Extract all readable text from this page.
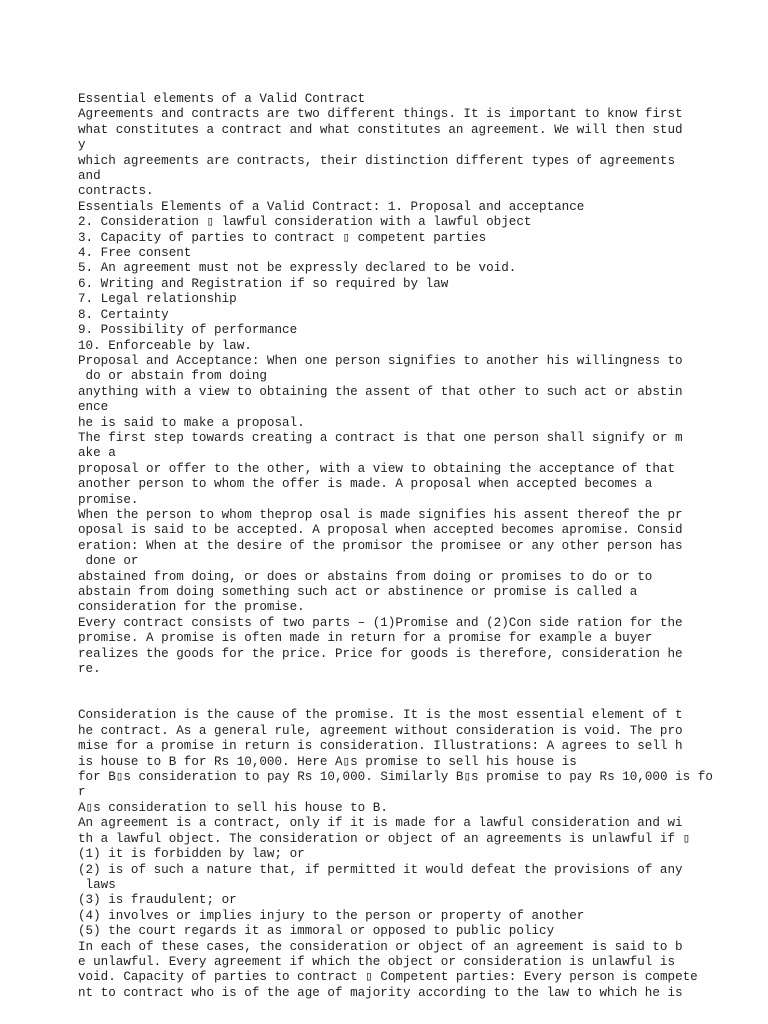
Essential elements of a Valid Contract
Agreements and contracts are two different things. It is important to know first
what constitutes a contract and what constitutes an agreement. We will then stud
y
which agreements are contracts, their distinction different types of agreements
and
contracts.
Essentials Elements of a Valid Contract: 1. Proposal and acceptance
2. Consideration ▯ lawful consideration with a lawful object
3. Capacity of parties to contract ▯ competent parties
4. Free consent
5. An agreement must not be expressly declared to be void.
6. Writing and Registration if so required by law
7. Legal relationship
8. Certainty
9. Possibility of performance
10. Enforceable by law.
Proposal and Acceptance: When one person signifies to another his willingness to
do or abstain from doing
anything with a view to obtaining the assent of that other to such act or abstin
ence
he is said to make a proposal.
The first step towards creating a contract is that one person shall signify or m
ake a
proposal or offer to the other, with a view to obtaining the acceptance of that
another person to whom the offer is made. A proposal when accepted becomes a
promise.
When the person to whom theprop osal is made signifies his assent thereof the pr
oposal is said to be accepted. A proposal when accepted becomes apromise. Consid
eration: When at the desire of the promisor the promisee or any other person has
done or
abstained from doing, or does or abstains from doing or promises to do or to
abstain from doing something such act or abstinence or promise is called a
consideration for the promise.
Every contract consists of two parts – (1)Promise and (2)Con side ration for the
promise. A promise is often made in return for a promise for example a buyer
realizes the goods for the price. Price for goods is therefore, consideration he
re.
Consideration is the cause of the promise. It is the most essential element of t
he contract. As a general rule, agreement without consideration is void. The pro
mise for a promise in return is consideration. Illustrations: A agrees to sell h
is house to B for Rs 10,000. Here A▯s promise to sell his house is
for B▯s consideration to pay Rs 10,000. Similarly B▯s promise to pay Rs 10,000 is fo
r
A▯s consideration to sell his house to B.
An agreement is a contract, only if it is made for a lawful consideration and wi
th a lawful object. The consideration or object of an agreements is unlawful if ▯
(1) it is forbidden by law; or
(2) is of such a nature that, if permitted it would defeat the provisions of any
laws
(3) is fraudulent; or
(4) involves or implies injury to the person or property of another
(5) the court regards it as immoral or opposed to public policy
In each of these cases, the consideration or object of an agreement is said to b
e unlawful. Every agreement if which the object or consideration is unlawful is
void. Capacity of parties to contract ▯ Competent parties: Every person is compete
nt to contract who is of the age of majority according to the law to which he is
